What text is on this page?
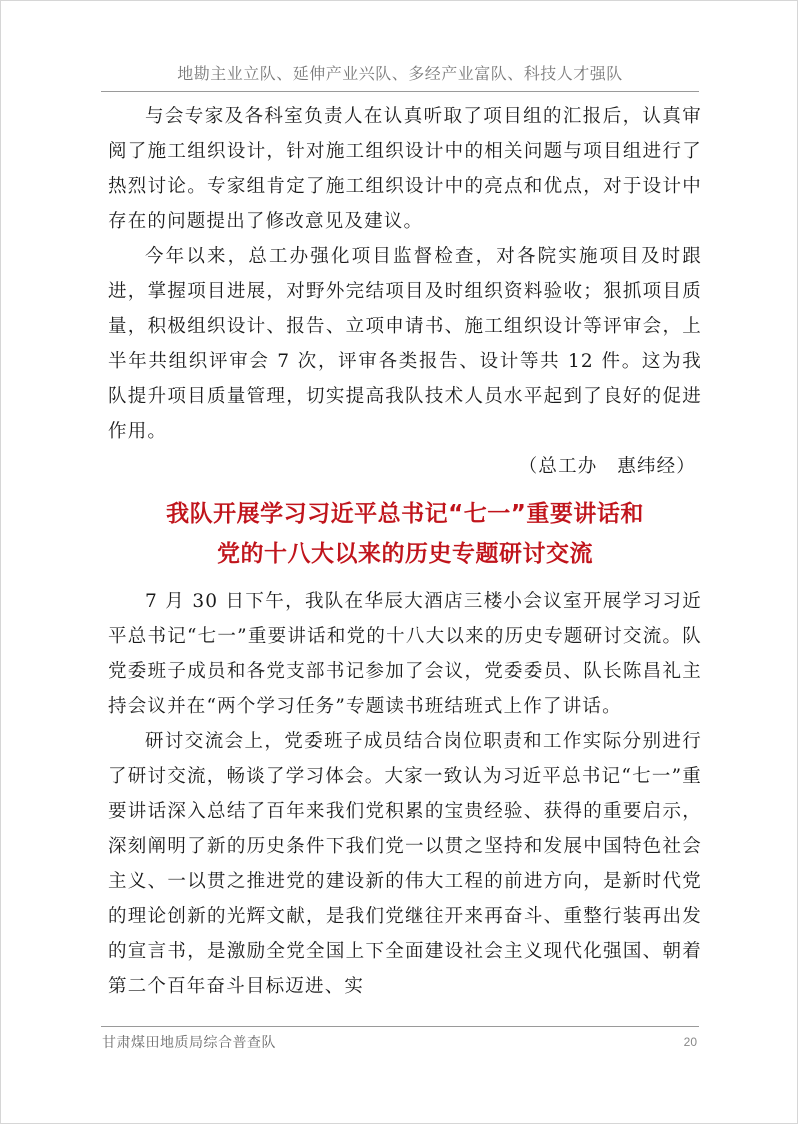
地勘主业立队、延伸产业兴队、多经产业富队、科技人才强队

与会专家及各科室负责人在认真听取了项目组的汇报后，认真审阅了施工组织设计，针对施工组织设计中的相关问题与项目组进行了热烈讨论。专家组肯定了施工组织设计中的亮点和优点，对于设计中存在的问题提出了修改意见及建议。

今年以来，总工办强化项目监督检查，对各院实施项目及时跟进，掌握项目进展，对野外完结项目及时组织资料验收；狠抓项目质量，积极组织设计、报告、立项申请书、施工组织设计等评审会，上半年共组织评审会 7 次，评审各类报告、设计等共 12 件。这为我队提升项目质量管理，切实提高我队技术人员水平起到了良好的促进作用。

（总工办　惠纬经）

我队开展学习习近平总书记“七一”重要讲话和
党的十八大以来的历史专题研讨交流

7 月 30 日下午，我队在华辰大酒店三楼小会议室开展学习习近平总书记“七一”重要讲话和党的十八大以来的历史专题研讨交流。队党委班子成员和各党支部书记参加了会议，党委委员、队长陈昌礼主持会议并在“两个学习任务”专题读书班结班式上作了讲话。

研讨交流会上，党委班子成员结合岗位职责和工作实际分别进行了研讨交流，畅谈了学习体会。大家一致认为习近平总书记“七一”重要讲话深入总结了百年来我们党积累的宝贵经验、获得的重要启示，深刻阐明了新的历史条件下我们党一以贯之坚持和发展中国特色社会主义、一以贯之推进党的建设新的伟大工程的前进方向，是新时代党的理论创新的光辉文献，是我们党继往开来再奋斗、重整行装再出发的宣言书，是激励全党全国上下全面建设社会主义现代化强国、朝着第二个百年奋斗目标迈进、实

甘肃煤田地质局综合普查队	20
